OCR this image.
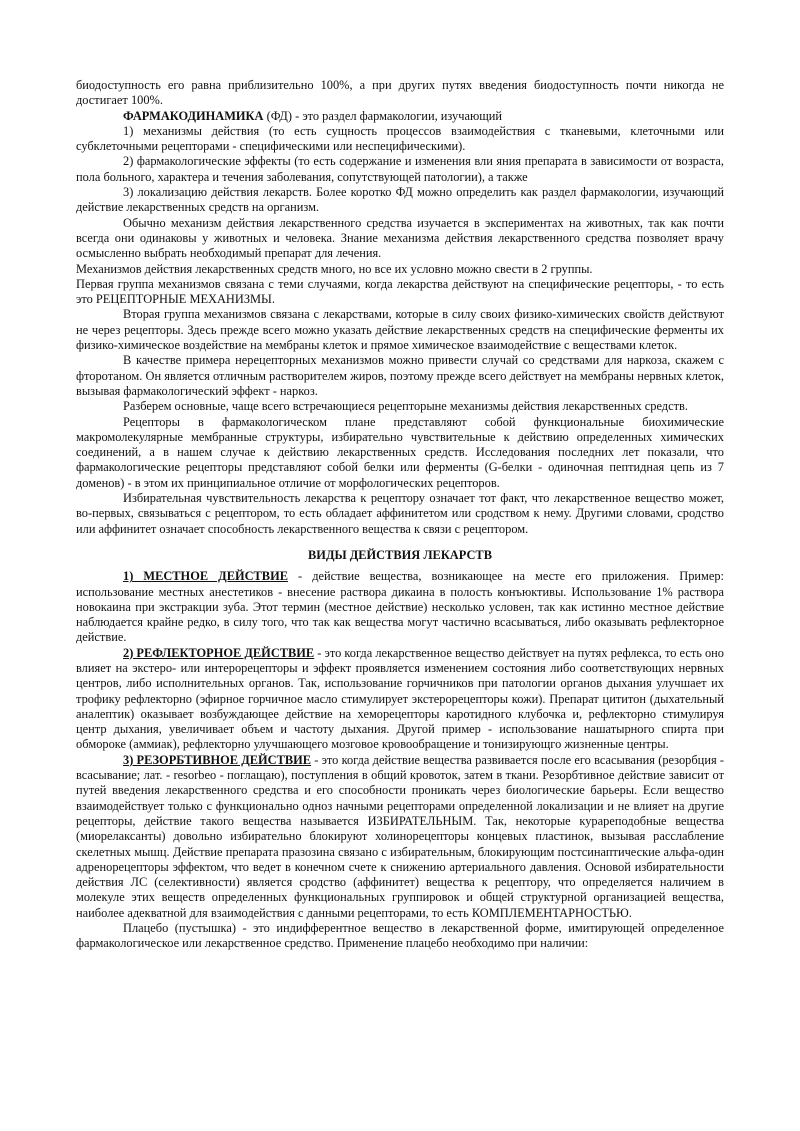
биодоступность его равна приблизительно 100%, а при других путях введения биодоступность почти никогда не достигает 100%.

ФАРМАКОДИНАМИКА (ФД) - это раздел фармакологии, изучающий

1) механизмы действия (то есть сущность процессов взаимодействия с тканевыми, клеточными или субклеточными рецепторами - специфическими или неспецифическими).

2) фармакологические эффекты (то есть содержание и изменения вли яния препарата в зависимости от возраста, пола больного, характера и течения заболевания, сопутствующей патологии), а также

3) локализацию действия лекарств. Более коротко ФД можно определить как раздел фармакологии, изучающий действие лекарственных средств на организм.

Обычно механизм действия лекарственного средства изучается в экспериментах на животных, так как почти всегда они одинаковы у животных и человека. Знание механизма действия лекарственного средства позволяет врачу осмысленно выбрать необходимый препарат для лечения.

Механизмов действия лекарственных средств много, но все их условно можно свести в 2 группы.

Первая группа механизмов связана с теми случаями, когда лекарства действуют на специфические рецепторы, - то есть это РЕЦЕПТОРНЫЕ МЕХАНИЗМЫ.

Вторая группа механизмов связана с лекарствами, которые в силу своих физико-химических свойств действуют не через рецепторы. Здесь прежде всего можно указать действие лекарственных средств на специфические ферменты их физико-химическое воздействие на мембраны клеток и прямое химическое взаимодействие с веществами клеток.

В качестве примера нерецепторных механизмов можно привести случай со средствами для наркоза, скажем с фторотаном. Он является отличным растворителем жиров, поэтому прежде всего действует на мембраны нервных клеток, вызывая фармакологический эффект - наркоз.

Разберем основные, чаще всего встречающиеся рецепторыне механизмы действия лекарственных средств.

Рецепторы в фармакологическом плане представляют собой функциональные биохимические макромолекулярные мембранные структуры, избирательно чувствительные к действию определенных химических соединений, а в нашем случае к действию лекарственных средств. Исследования последних лет показали, что фармакологические рецепторы представляют собой белки или ферменты (G-белки - одиночная пептидная цепь из 7 доменов) - в этом их принципиальное отличие от морфологических рецепторов.

Избирательная чувствительность лекарства к рецептору означает тот факт, что лекарственное вещество может, во-первых, связываться с рецептором, то есть обладает аффинитетом или сродством к нему. Другими словами, сродство или аффинитет означает способность лекарственного вещества к связи с рецептором.

ВИДЫ ДЕЙСТВИЯ ЛЕКАРСТВ

1) МЕСТНОЕ ДЕЙСТВИЕ - действие вещества, возникающее на месте его приложения. Пример: использование местных анестетиков - внесение раствора дикаина в полость конъюктивы. Использование 1% раствора новокаина при экстракции зуба. Этот термин (местное действие) несколько условен, так как истинно местное действие наблюдается крайне редко, в силу того, что так как вещества могут частично всасываться, либо оказывать рефлекторное действие.

2) РЕФЛЕКТОРНОЕ ДЕЙСТВИЕ - это когда лекарственное вещество действует на путях рефлекса, то есть оно влияет на экстеро- или интерорецепторы и эффект проявляется изменением состояния либо соответствующих нервных центров, либо исполнительных органов. Так, использование горчичников при патологии органов дыхания улучшает их трофику рефлекторно (эфирное горчичное масло стимулирует экстерорецепторы кожи). Препарат цититон (дыхательный аналептик) оказывает возбуждающее действие на хеморецепторы каротидного клубочка и, рефлекторно стимулируя центр дыхания, увеличивает объем и частоту дыхания. Другой пример - использование нашатырного спирта при обмороке (аммиак), рефлекторно улучшающего мозговое кровообращение и тонизирующго жизненные центры.

3) РЕЗОРБТИВНОЕ ДЕЙСТВИЕ - это когда действие вещества развивается после его всасывания (резорбция - всасывание; лат. - resorbeo - поглащаю), поступления в общий кровоток, затем в ткани. Резорбтивное действие зависит от путей введения лекарственного средства и его способности проникать через биологические барьеры. Если вещество взаимодействует только с функционально одноз начными рецепторами определенной локализации и не влияет на другие рецепторы, действие такого вещества называется ИЗБИРАТЕЛЬНЫМ. Так, некоторые курареподобные вещества (миорелаксанты) довольно избирательно блокируют холинорецепторы концевых пластинок, вызывая расслабление скелетных мышц. Действие препарата празозина связано с избирательным, блокирующим постсинаптические альфа-один адренорецепторы эффектом, что ведет в конечном счете к снижению артериального давления. Основой избирательности действия ЛС (селективности) является сродство (аффинитет) вещества к рецептору, что определяется наличием в молекуле этих веществ определенных функциональных группировок и общей структурной организацией вещества, наиболее адекватной для взаимодействия с данными рецепторами, то есть КОМПЛЕМЕНТАРНОСТЬЮ.

Плацебо (пустышка) - это индифферентное вещество в лекарственной форме, имитирующей определенное фармакологическое или лекарственное средство. Применение плацебо необходимо при наличии:
